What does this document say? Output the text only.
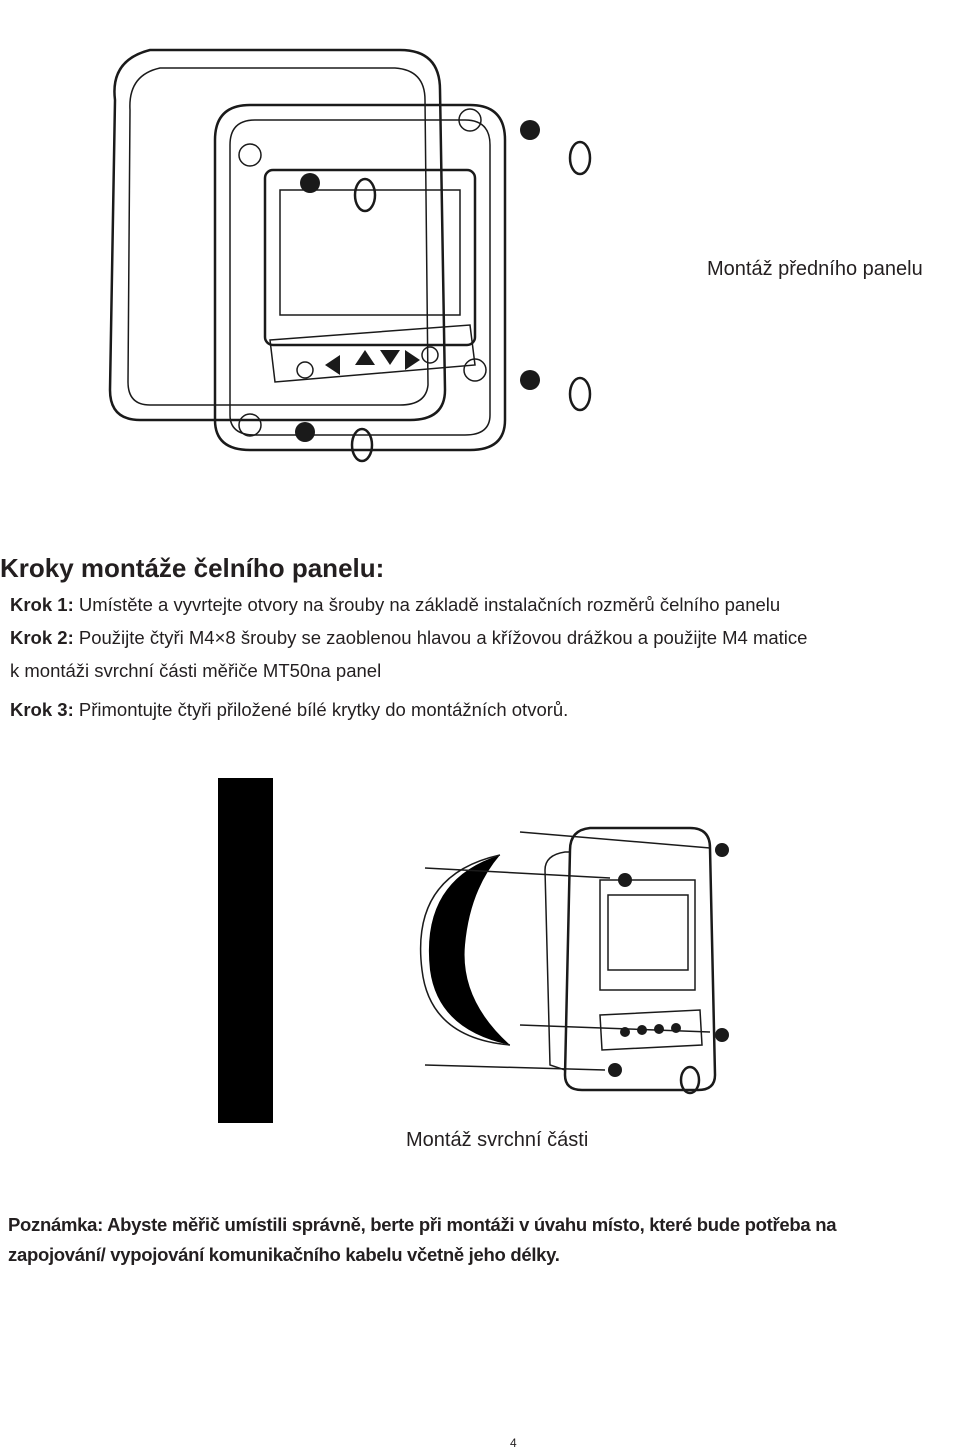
Montáž předního panelu
Kroky montáže čelního panelu:
Krok 1: Umístěte a vyvrtejte otvory na šrouby na základě instalačních rozměrů čelního panelu
Krok 2: Použijte čtyři M4×8 šrouby se zaoblenou hlavou a křížovou drážkou a použijte M4 matice
k montáži svrchní části měřiče MT50na panel
Krok 3: Přimontujte čtyři přiložené bílé krytky do montážních otvorů.
Montáž svrchní části
Poznámka: Abyste měřič umístili správně, berte při montáži v úvahu místo, které bude potřeba na
zapojování/ vypojování komunikačního kabelu včetně jeho délky.
4
